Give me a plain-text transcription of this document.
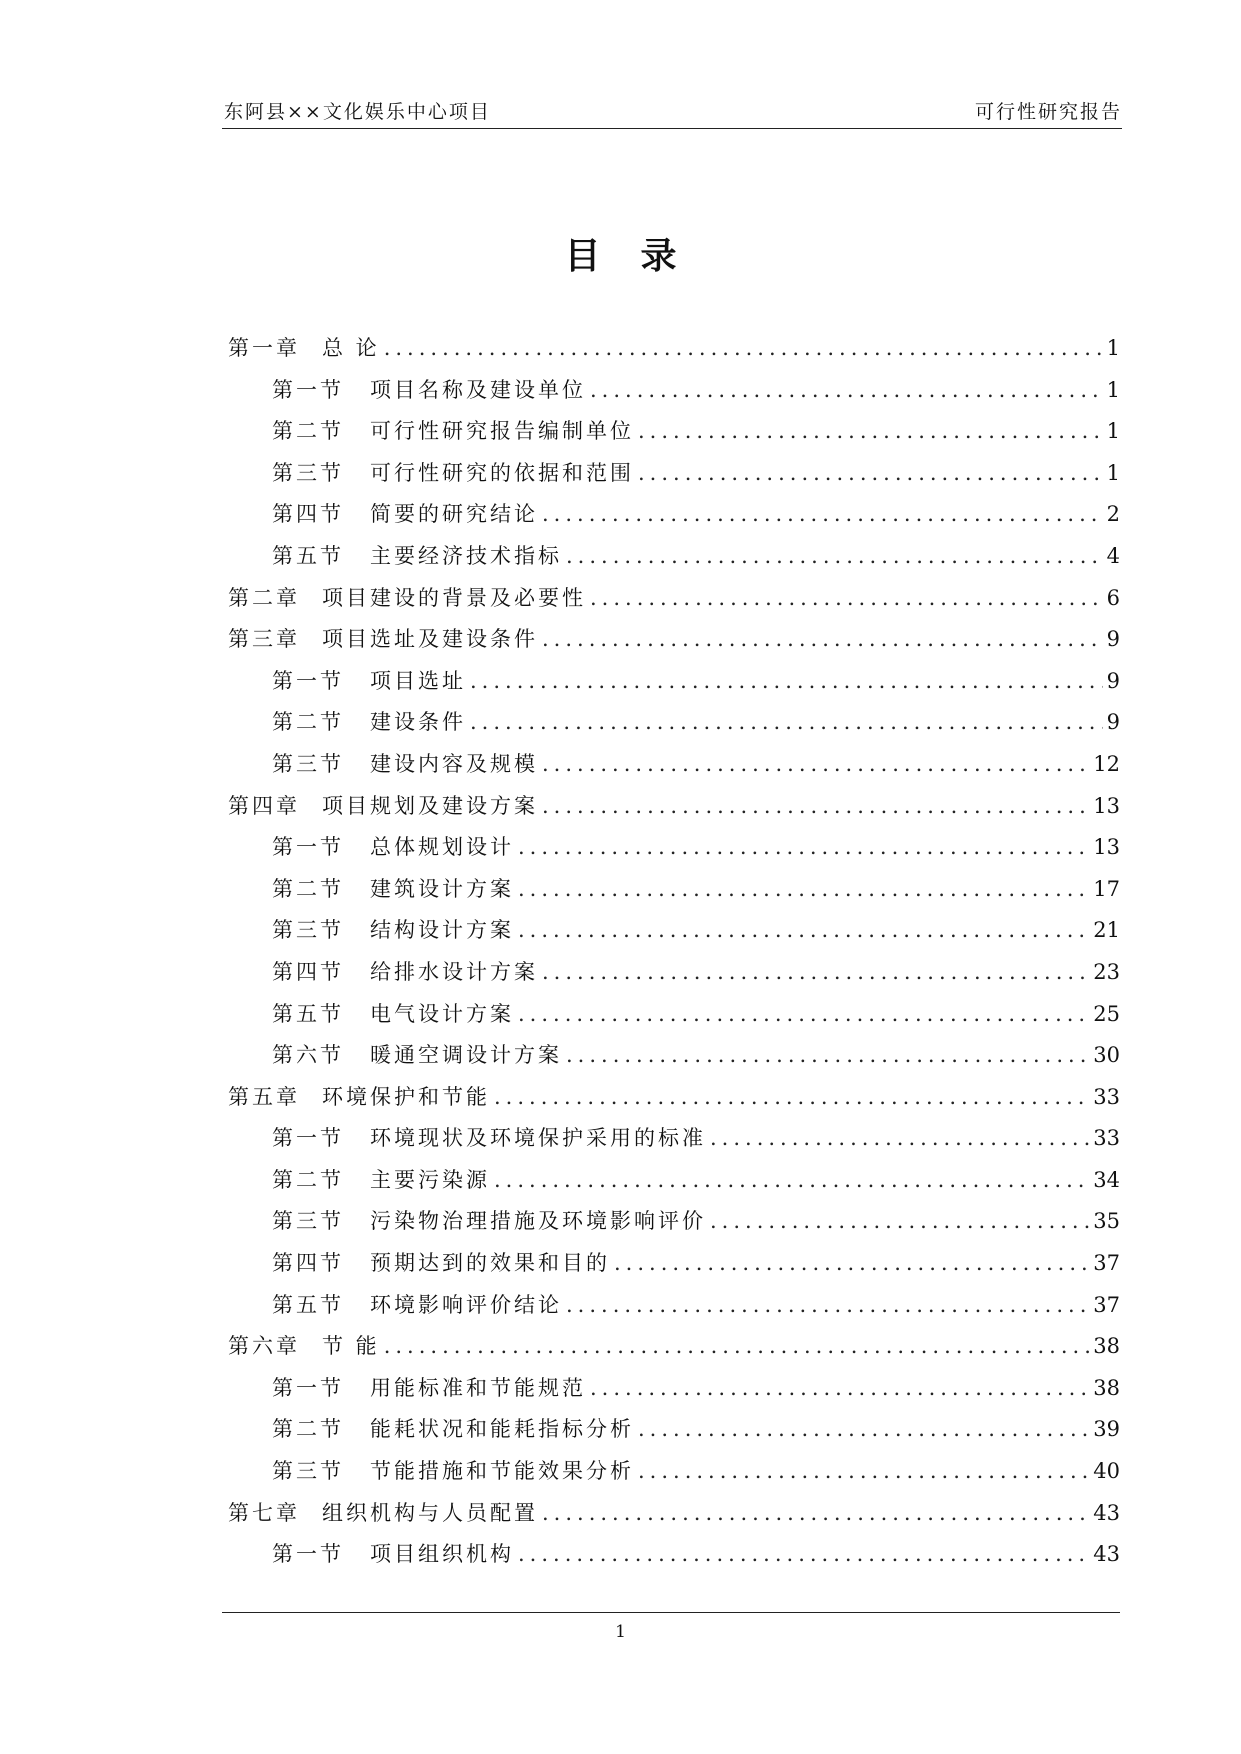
东阿县××文化娱乐中心项目	可行性研究报告
目录
第一章 总 论 .....	1
第一节 项目名称及建设单位 .....	1
第二节 可行性研究报告编制单位 .....	1
第三节 可行性研究的依据和范围 .....	1
第四节 简要的研究结论 .....	2
第五节 主要经济技术指标 .....	4
第二章 项目建设的背景及必要性 .....	6
第三章 项目选址及建设条件 .....	9
第一节 项目选址 .....	9
第二节 建设条件 .....	9
第三节 建设内容及规模 .....	12
第四章 项目规划及建设方案 .....	13
第一节 总体规划设计 .....	13
第二节 建筑设计方案 .....	17
第三节 结构设计方案 .....	21
第四节 给排水设计方案 .....	23
第五节 电气设计方案 .....	25
第六节 暖通空调设计方案 .....	30
第五章 环境保护和节能 .....	33
第一节 环境现状及环境保护采用的标准 .....	33
第二节 主要污染源 .....	34
第三节 污染物治理措施及环境影响评价 .....	35
第四节 预期达到的效果和目的 .....	37
第五节 环境影响评价结论 .....	37
第六章 节 能 .....	38
第一节 用能标准和节能规范 .....	38
第二节 能耗状况和能耗指标分析 .....	39
第三节 节能措施和节能效果分析 .....	40
第七章 组织机构与人员配置 .....	43
第一节 项目组织机构 .....	43
1
